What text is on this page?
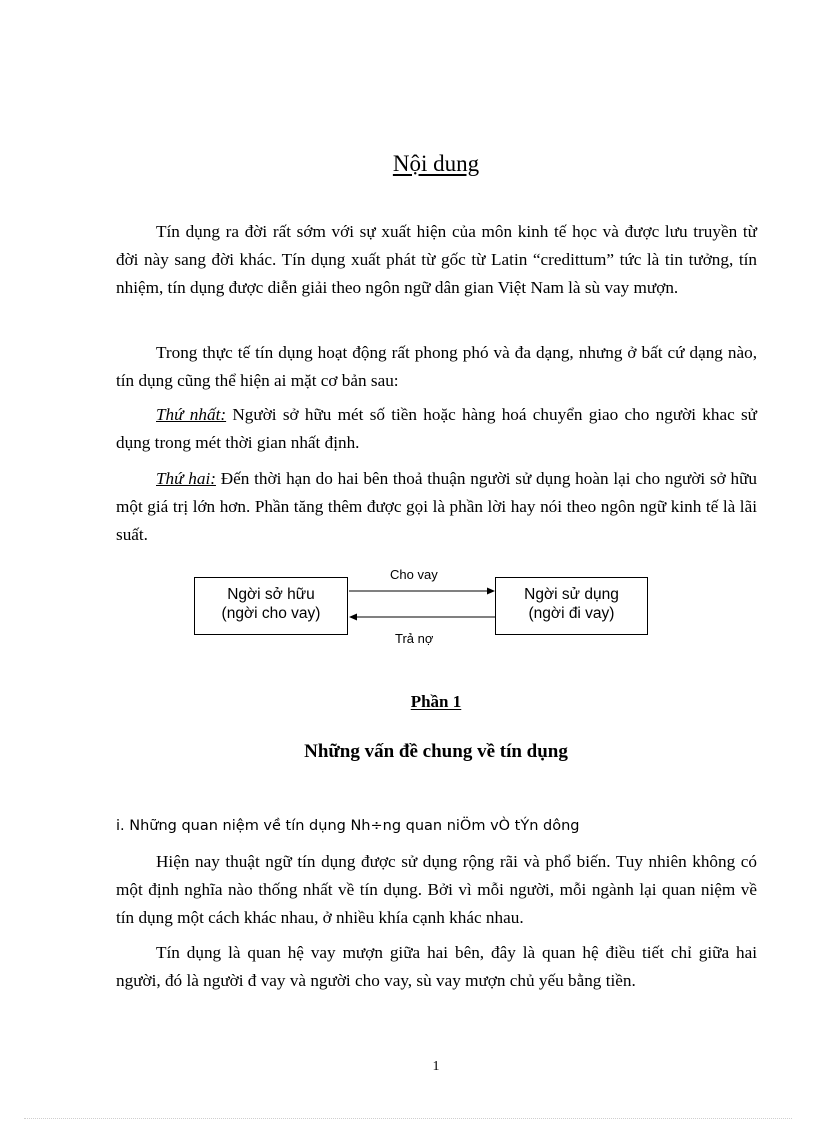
Nội dung

Tín dụng ra đời rất sớm với sự xuất hiện của môn kinh tế học và được lưu truyền từ đời này sang đời khác. Tín dụng xuất phát từ gốc từ Latin “credittum” tức là tin tưởng, tín nhiệm, tín dụng được diễn giải theo ngôn ngữ dân gian Việt Nam là sù vay mượn.

Trong thực tế tín dụng hoạt động rất phong phó và đa dạng, nhưng ở bất cứ dạng nào, tín dụng cũng thể hiện ai mặt cơ bản sau:

Thứ nhất: Người sở hữu mét số tiền hoặc hàng hoá chuyển giao cho người khac sử dụng trong mét thời gian nhất định.

Thứ hai: Đến thời hạn do hai bên thoả thuận người sử dụng hoàn lại cho người sở hữu một giá trị lớn hơn. Phần tăng thêm được gọi là phần lời hay nói theo ngôn ngữ kinh tế là lãi suất.

Ngời sở hữu
(ngời cho vay)
Ngời sử dụng
(ngời đi vay)
Cho vay
Trả nợ
Phần 1
Những vấn đề chung về tín dụng
i. Những quan niệm về tín dụng Nh÷ng quan niÖm vÒ tÝn dông

Hiện nay thuật ngữ tín dụng được sử dụng rộng rãi và phổ biến. Tuy nhiên không có một định nghĩa nào thống nhất về tín dụng. Bởi vì mỗi người, mỗi ngành lại quan niệm về tín dụng một cách khác nhau, ở nhiều khía cạnh khác nhau.

Tín dụng là quan hệ vay mượn giữa hai bên, đây là quan hệ điều tiết chỉ giữa hai người, đó là người đ vay và người cho vay, sù vay mượn chủ yếu bằng tiền.

1
